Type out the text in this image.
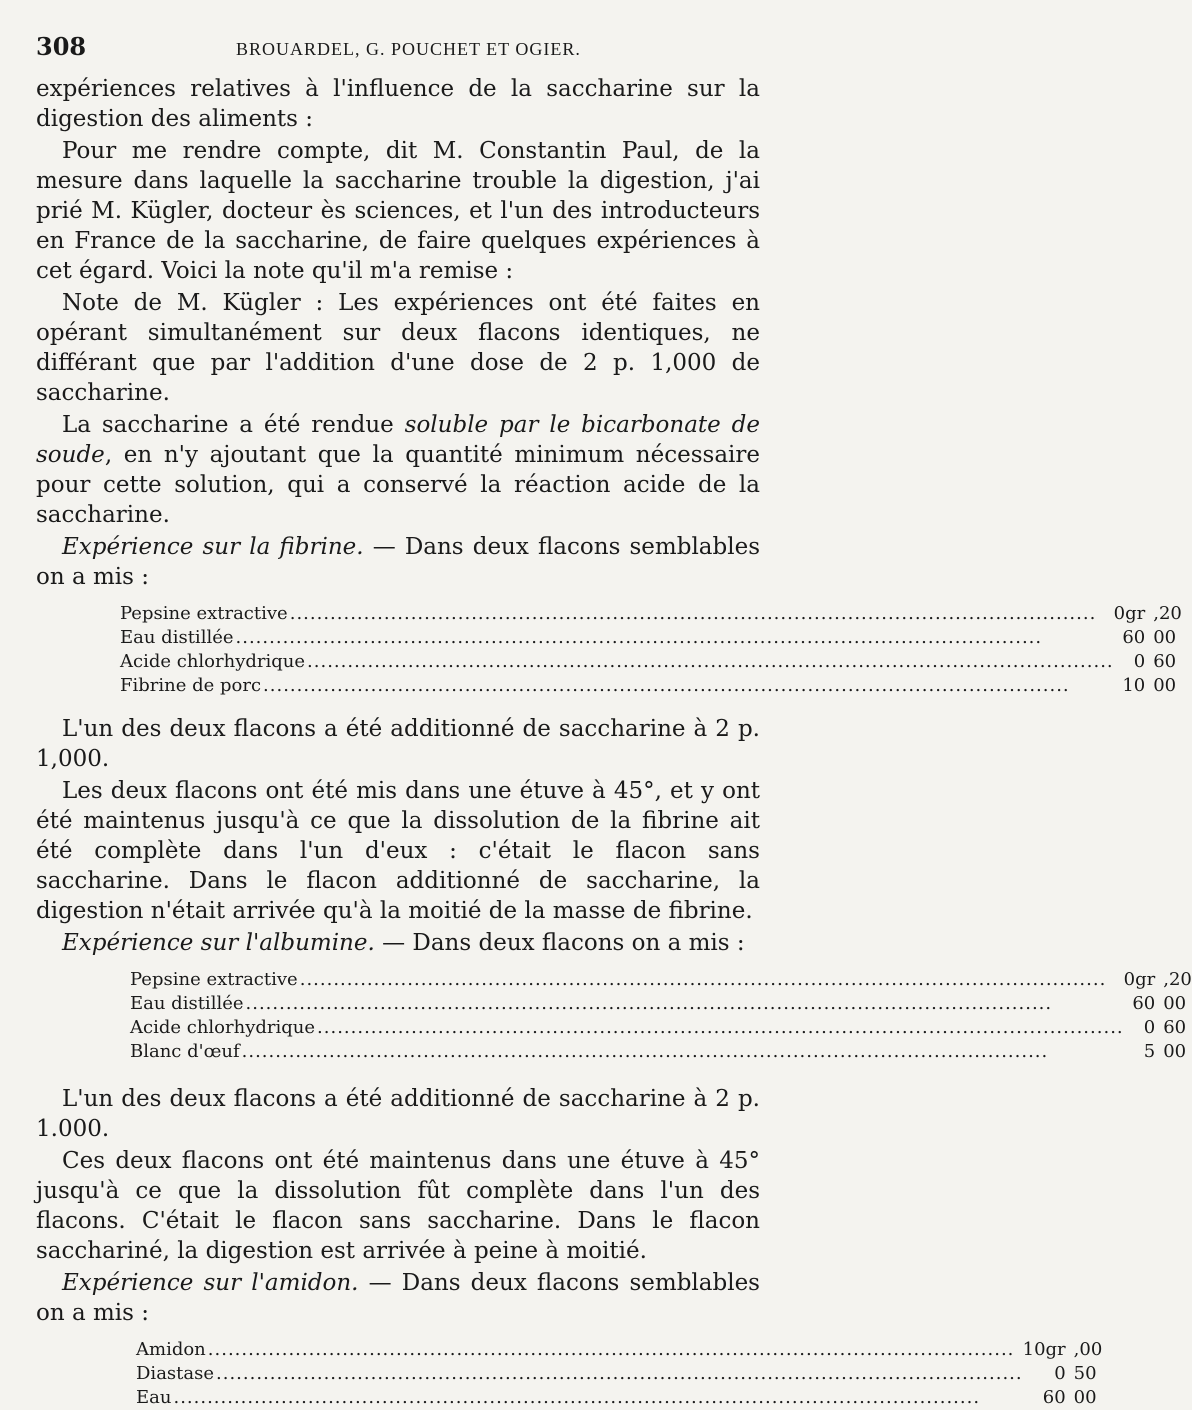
308	BROUARDEL, G. POUCHET ET OGIER.

expériences relatives à l'influence de la saccharine sur la digestion des aliments :

Pour me rendre compte, dit M. Constantin Paul, de la mesure dans laquelle la saccharine trouble la digestion, j'ai prié M. Kügler, docteur ès sciences, et l'un des introducteurs en France de la saccharine, de faire quelques expériences à cet égard. Voici la note qu'il m'a remise :

Note de M. Kügler : Les expériences ont été faites en opérant simultanément sur deux flacons identiques, ne différant que par l'addition d'une dose de 2 p. 1,000 de saccharine.

La saccharine a été rendue soluble par le bicarbonate de soude, en n'y ajoutant que la quantité minimum nécessaire pour cette solution, qui a conservé la réaction acide de la saccharine.

Expérience sur la fibrine. — Dans deux flacons semblables on a mis :

Pepsine extractive ........................................................................................................................	0gr	,20
Eau distillée ........................................................................................................................	60	00
Acide chlorhydrique ........................................................................................................................	0	60
Fibrine de porc ........................................................................................................................	10	00

L'un des deux flacons a été additionné de saccharine à 2 p. 1,000.

Les deux flacons ont été mis dans une étuve à 45°, et y ont été maintenus jusqu'à ce que la dissolution de la fibrine ait été complète dans l'un d'eux : c'était le flacon sans saccharine. Dans le flacon additionné de saccharine, la digestion n'était arrivée qu'à la moitié de la masse de fibrine.

Expérience sur l'albumine. — Dans deux flacons on a mis :

Pepsine extractive ........................................................................................................................	0gr	,20
Eau distillée ........................................................................................................................	60	00
Acide chlorhydrique ........................................................................................................................	0	60
Blanc d'œuf ........................................................................................................................	5	00

L'un des deux flacons a été additionné de saccharine à 2 p. 1.000.

Ces deux flacons ont été maintenus dans une étuve à 45° jusqu'à ce que la dissolution fût complète dans l'un des flacons. C'était le flacon sans saccharine. Dans le flacon sacchariné, la digestion est arrivée à peine à moitié.

Expérience sur l'amidon. — Dans deux flacons semblables on a mis :

Amidon ........................................................................................................................	10gr	,00
Diastase ........................................................................................................................	0	50
Eau ........................................................................................................................	60	00
